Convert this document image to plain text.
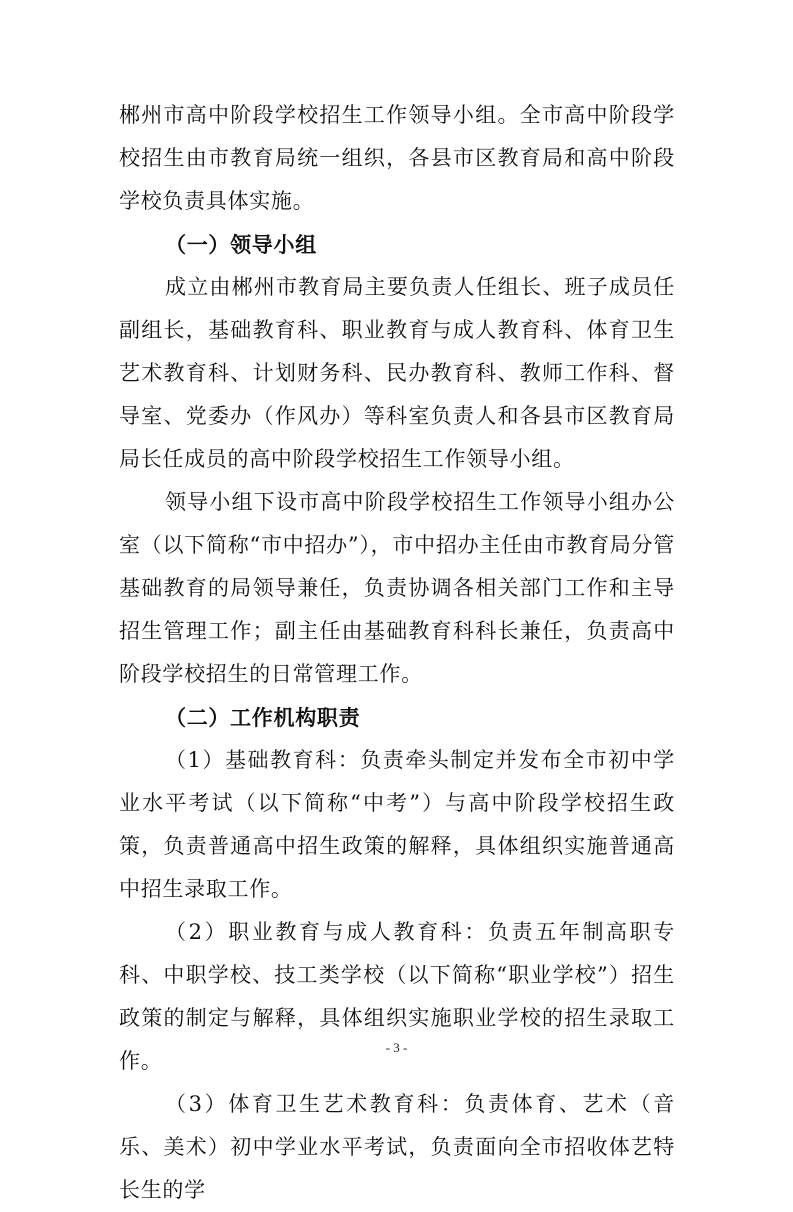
郴州市高中阶段学校招生工作领导小组。全市高中阶段学校招生由市教育局统一组织，各县市区教育局和高中阶段学校负责具体实施。

（一）领导小组

成立由郴州市教育局主要负责人任组长、班子成员任副组长，基础教育科、职业教育与成人教育科、体育卫生艺术教育科、计划财务科、民办教育科、教师工作科、督导室、党委办（作风办）等科室负责人和各县市区教育局局长任成员的高中阶段学校招生工作领导小组。

领导小组下设市高中阶段学校招生工作领导小组办公室（以下简称“市中招办”），市中招办主任由市教育局分管基础教育的局领导兼任，负责协调各相关部门工作和主导招生管理工作；副主任由基础教育科科长兼任，负责高中阶段学校招生的日常管理工作。

（二）工作机构职责

（1）基础教育科：负责牵头制定并发布全市初中学业水平考试（以下简称“中考”）与高中阶段学校招生政策，负责普通高中招生政策的解释，具体组织实施普通高中招生录取工作。

（2）职业教育与成人教育科：负责五年制高职专科、中职学校、技工类学校（以下简称“职业学校”）招生政策的制定与解释，具体组织实施职业学校的招生录取工作。

（3）体育卫生艺术教育科：负责体育、艺术（音乐、美术）初中学业水平考试，负责面向全市招收体艺特长生的学

- 3 -
